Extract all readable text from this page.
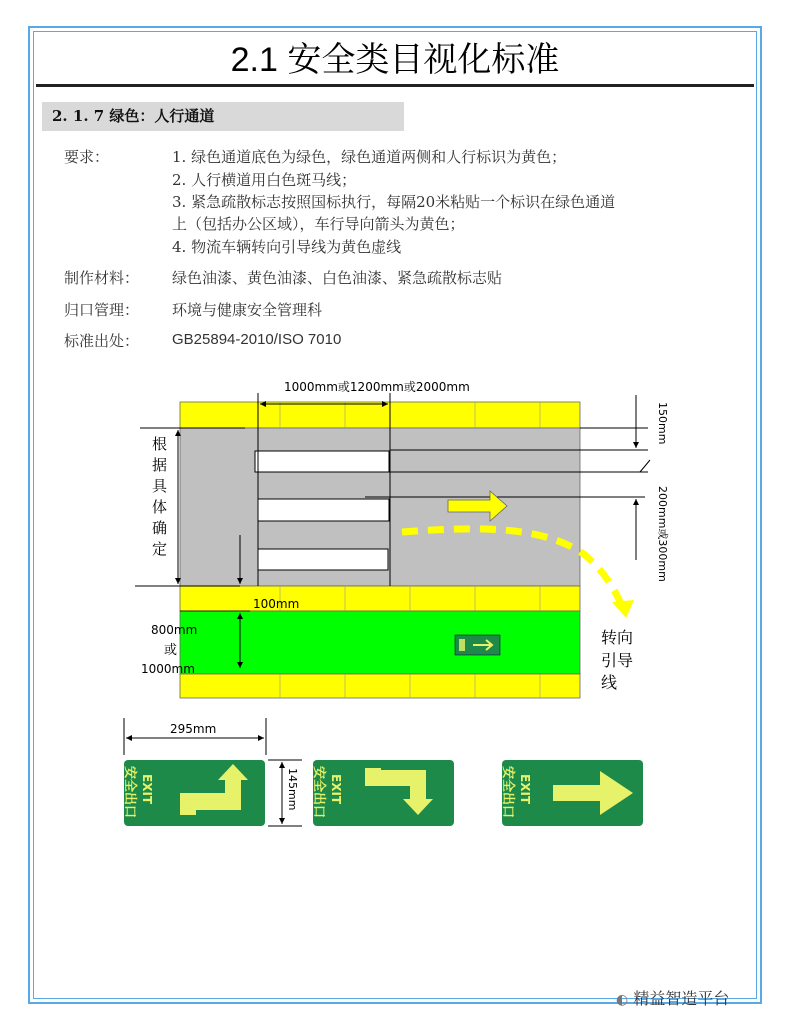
2.1 安全类目视化标准
2. 1. 7 绿色：人行通道
要求：	1. 绿色通道底色为绿色，绿色通道两侧和人行标识为黄色；
2. 人行横道用白色斑马线；
3. 紧急疏散标志按照国标执行，每隔20米粘贴一个标识在绿色通道
上（包括办公区域），车行导向箭头为黄色；
4. 物流车辆转向引导线为黄色虚线
制作材料： 绿色油漆、黄色油漆、白色油漆、紧急疏散标志贴
归口管理： 环境与健康安全管理科
标准出处： GB25894-2010/ISO 7010
安全出口 EXIT	安全出口 EXIT	安全出口 EXIT
1000mm或1200mm或2000mm
根
据
具
体
确
定
100mm
800mm
或
1000mm
150mm
200mm或300mm
转向
引导
线
295mm
145mm
◐ 精益智造平台
